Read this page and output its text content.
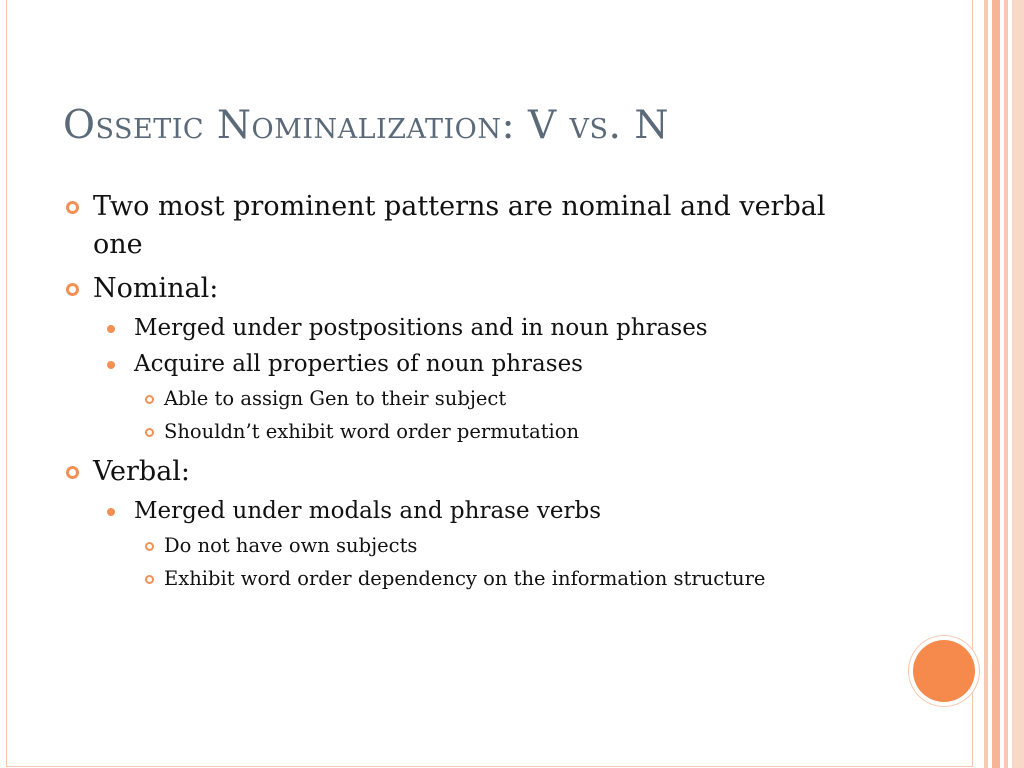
Ossetic Nominalization: V vs. N
Two most prominent patterns are nominal and verbal one
Nominal:
Merged under postpositions and in noun phrases
Acquire all properties of noun phrases
Able to assign Gen to their subject
Shouldn’t exhibit word order permutation
Verbal:
Merged under modals and phrase verbs
Do not have own subjects
Exhibit word order dependency on the information structure
